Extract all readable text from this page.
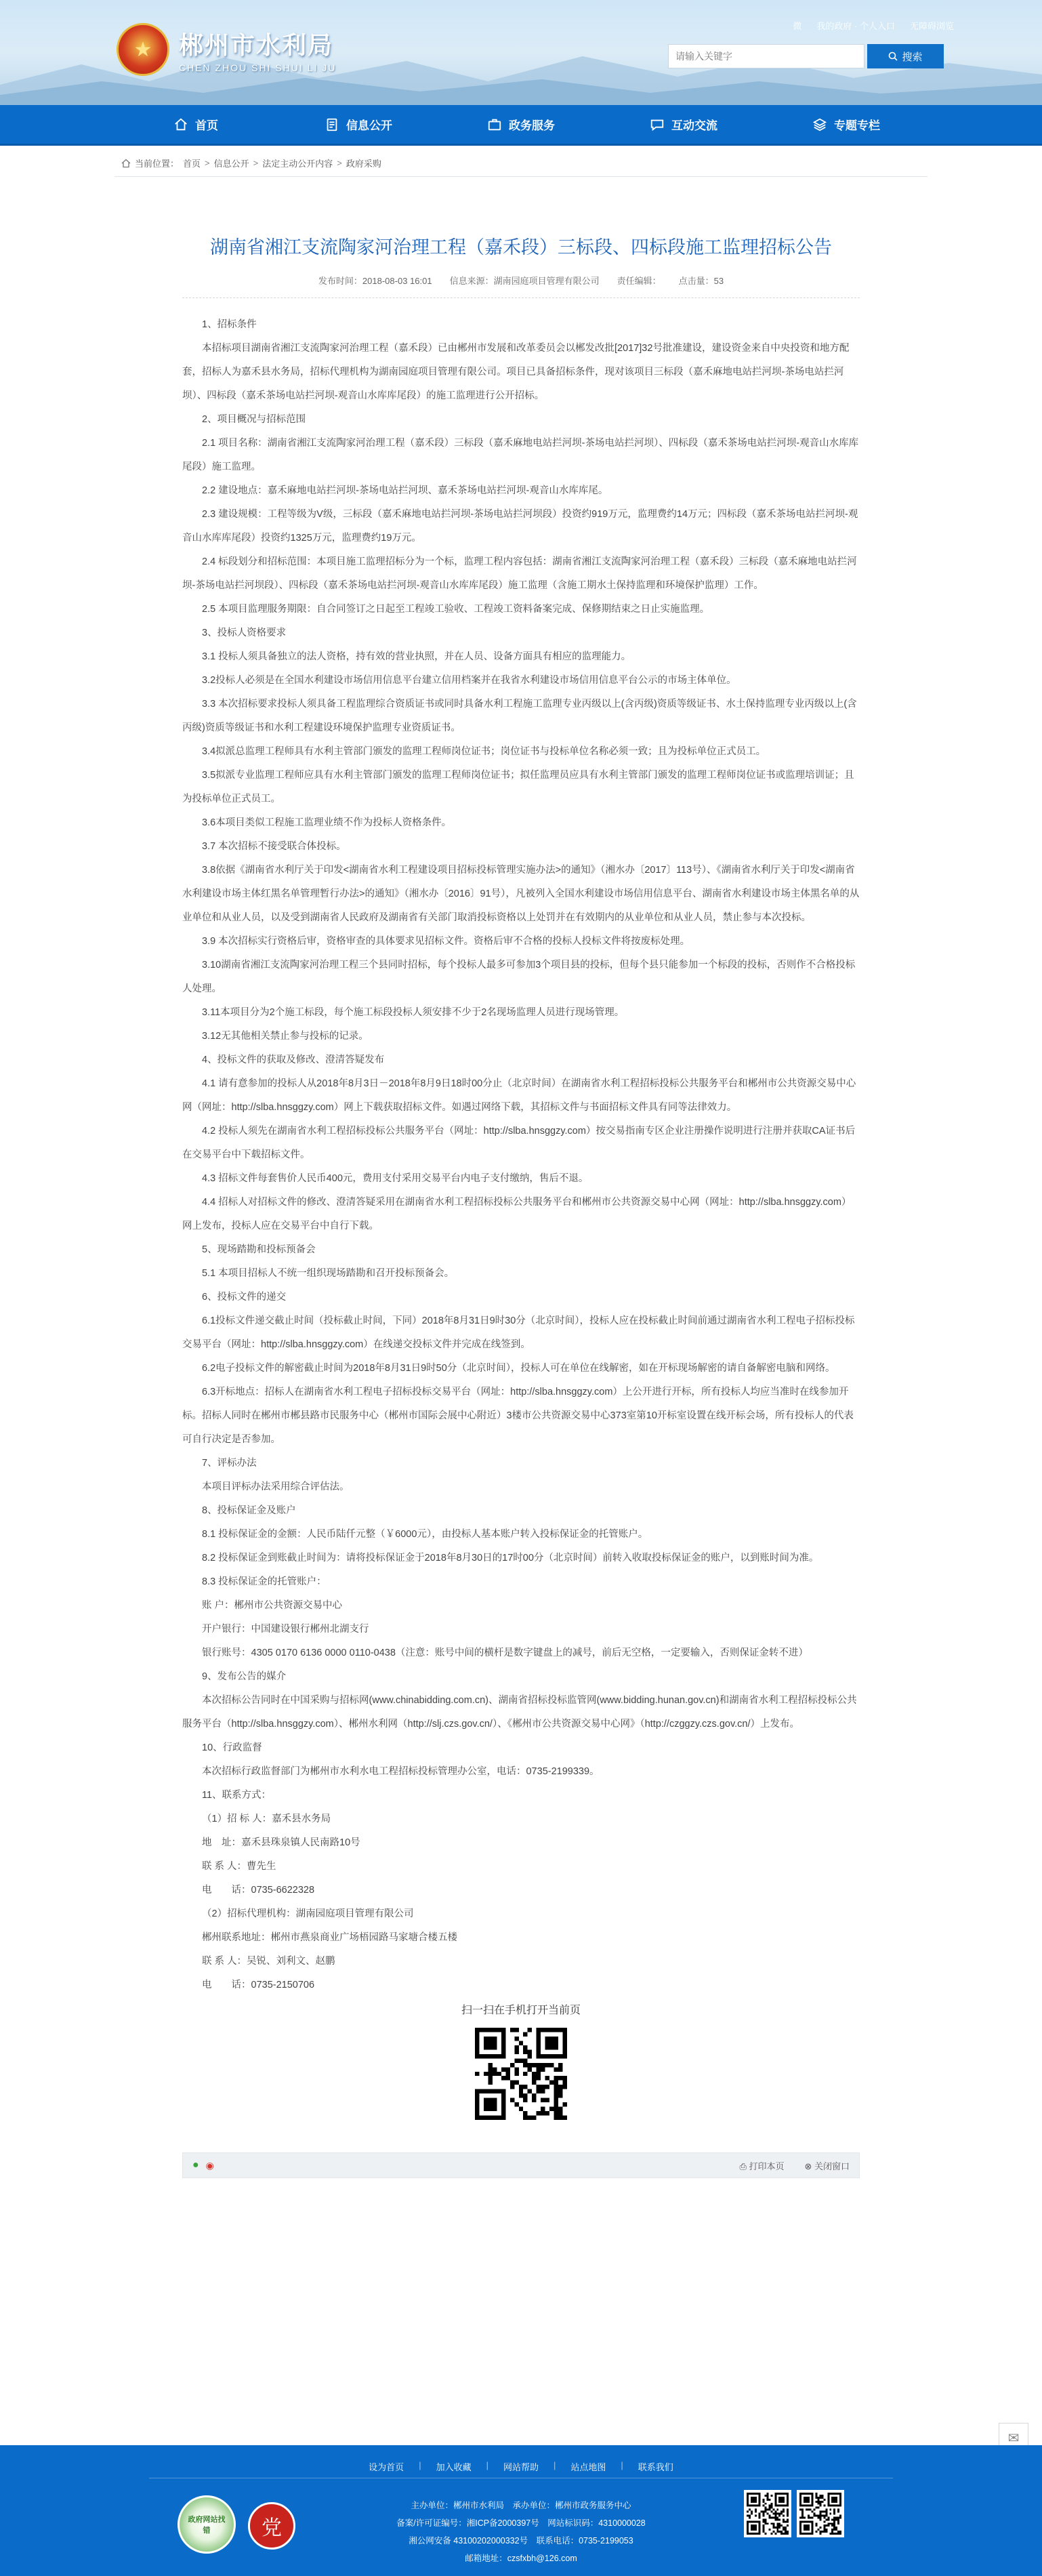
★	郴州市水利局
CHEN ZHOU SHI SHUI LI JU
微 我的政府 · 个人入口 无障碍浏览
请输入关键字
搜索
首页	信息公开	政务服务	互动交流	专题专栏
当前位置： 首页 > 信息公开 > 法定主动公开内容 > 政府采购
湖南省湘江支流陶家河治理工程（嘉禾段）三标段、四标段施工监理招标公告
发布时间：2018-08-03 16:01 信息来源：湖南园庭项目管理有限公司 责任编辑： 点击量：53

1、招标条件

本招标项目湖南省湘江支流陶家河治理工程（嘉禾段）已由郴州市发展和改革委员会以郴发改批[2017]32号批准建设，建设资金来自中央投资和地方配套，招标人为嘉禾县水务局，招标代理机构为湖南园庭项目管理有限公司。项目已具备招标条件，现对该项目三标段（嘉禾麻地电站拦河坝-茶场电站拦河坝）、四标段（嘉禾茶场电站拦河坝-观音山水库库尾段）的施工监理进行公开招标。

2、项目概况与招标范围

2.1 项目名称：湖南省湘江支流陶家河治理工程（嘉禾段）三标段（嘉禾麻地电站拦河坝-茶场电站拦河坝）、四标段（嘉禾茶场电站拦河坝-观音山水库库尾段）施工监理。

2.2 建设地点：嘉禾麻地电站拦河坝-茶场电站拦河坝、嘉禾茶场电站拦河坝-观音山水库库尾。

2.3 建设规模：工程等级为V级，三标段（嘉禾麻地电站拦河坝-茶场电站拦河坝段）投资约919万元，监理费约14万元；四标段（嘉禾茶场电站拦河坝-观音山水库库尾段）投资约1325万元，监理费约19万元。

2.4 标段划分和招标范围：本项目施工监理招标分为一个标，监理工程内容包括：湖南省湘江支流陶家河治理工程（嘉禾段）三标段（嘉禾麻地电站拦河坝-茶场电站拦河坝段）、四标段（嘉禾茶场电站拦河坝-观音山水库库尾段）施工监理（含施工期水土保持监理和环境保护监理）工作。

2.5 本项目监理服务期限：自合同签订之日起至工程竣工验收、工程竣工资料备案完成、保修期结束之日止实施监理。

3、投标人资格要求

3.1 投标人须具备独立的法人资格，持有效的营业执照，并在人员、设备方面具有相应的监理能力。

3.2投标人必须是在全国水利建设市场信用信息平台建立信用档案并在我省水利建设市场信用信息平台公示的市场主体单位。

3.3 本次招标要求投标人须具备工程监理综合资质证书或同时具备水利工程施工监理专业丙级以上(含丙级)资质等级证书、水土保持监理专业丙级以上(含丙级)资质等级证书和水利工程建设环境保护监理专业资质证书。

3.4拟派总监理工程师具有水利主管部门颁发的监理工程师岗位证书；岗位证书与投标单位名称必须一致；且为投标单位正式员工。

3.5拟派专业监理工程师应具有水利主管部门颁发的监理工程师岗位证书；拟任监理员应具有水利主管部门颁发的监理工程师岗位证书或监理培训证；且为投标单位正式员工。

3.6本项目类似工程施工监理业绩不作为投标人资格条件。

3.7 本次招标不接受联合体投标。

3.8依据《湖南省水利厅关于印发<湖南省水利工程建设项目招标投标管理实施办法>的通知》（湘水办〔2017〕113号）、《湖南省水利厅关于印发<湖南省水利建设市场主体红黑名单管理暂行办法>的通知》（湘水办〔2016〕91号），凡被列入全国水利建设市场信用信息平台、湖南省水利建设市场主体黑名单的从业单位和从业人员，以及受到湖南省人民政府及湖南省有关部门取消投标资格以上处罚并在有效期内的从业单位和从业人员，禁止参与本次投标。

3.9 本次招标实行资格后审，资格审查的具体要求见招标文件。资格后审不合格的投标人投标文件将按废标处理。

3.10湖南省湘江支流陶家河治理工程三个县同时招标，每个投标人最多可参加3个项目县的投标，但每个县只能参加一个标段的投标，否则作不合格投标人处理。

3.11本项目分为2个施工标段，每个施工标段投标人须安排不少于2名现场监理人员进行现场管理。

3.12无其他相关禁止参与投标的记录。

4、投标文件的获取及修改、澄清答疑发布

4.1 请有意参加的投标人从2018年8月3日－2018年8月9日18时00分止（北京时间）在湖南省水利工程招标投标公共服务平台和郴州市公共资源交易中心网（网址：http://slba.hnsggzy.com）网上下载获取招标文件。如遇过网络下载，其招标文件与书面招标文件具有同等法律效力。

4.2 投标人须先在湖南省水利工程招标投标公共服务平台（网址：http://slba.hnsggzy.com）按交易指南专区企业注册操作说明进行注册并获取CA证书后在交易平台中下载招标文件。

4.3 招标文件每套售价人民币400元，费用支付采用交易平台内电子支付缴纳，售后不退。

4.4 招标人对招标文件的修改、澄清答疑采用在湖南省水利工程招标投标公共服务平台和郴州市公共资源交易中心网（网址：http://slba.hnsggzy.com）网上发布，投标人应在交易平台中自行下载。

5、现场踏勘和投标预备会

5.1 本项目招标人不统一组织现场踏勘和召开投标预备会。

6、投标文件的递交

6.1投标文件递交截止时间（投标截止时间，下同）2018年8月31日9时30分（北京时间），投标人应在投标截止时间前通过湖南省水利工程电子招标投标交易平台（网址：http://slba.hnsggzy.com）在线递交投标文件并完成在线签到。

6.2电子投标文件的解密截止时间为2018年8月31日9时50分（北京时间），投标人可在单位在线解密，如在开标现场解密的请自备解密电脑和网络。

6.3开标地点：招标人在湖南省水利工程电子招标投标交易平台（网址：http://slba.hnsggzy.com）上公开进行开标，所有投标人均应当准时在线参加开标。招标人同时在郴州市郴县路市民服务中心（郴州市国际会展中心附近）3楼市公共资源交易中心373室第10开标室设置在线开标会场，所有投标人的代表可自行决定是否参加。

7、评标办法

本项目评标办法采用综合评估法。

8、投标保证金及账户

8.1 投标保证金的金额：人民币陆仟元整（￥6000元），由投标人基本账户转入投标保证金的托管账户。

8.2 投标保证金到账截止时间为：请将投标保证金于2018年8月30日的17时00分（北京时间）前转入收取投标保证金的账户，以到账时间为准。

8.3 投标保证金的托管账户：

账 户：郴州市公共资源交易中心

开户银行：中国建设银行郴州北湖支行

银行账号：4305 0170 6136 0000 0110-0438（注意：账号中间的横杆是数字键盘上的减号，前后无空格，一定要输入，否则保证金转不进）

9、发布公告的媒介

本次招标公告同时在中国采购与招标网(www.chinabidding.com.cn)、湖南省招标投标监管网(www.bidding.hunan.gov.cn)和湖南省水利工程招标投标公共服务平台（http://slba.hnsggzy.com）、郴州水利网（http://slj.czs.gov.cn/）、《郴州市公共资源交易中心网》（http://czggzy.czs.gov.cn/）上发布。

10、行政监督

本次招标行政监督部门为郴州市水利水电工程招标投标管理办公室，电话：0735-2199339。

11、联系方式：

（1）招 标 人：嘉禾县水务局

地　址：嘉禾县珠泉镇人民南路10号

联 系 人：曹先生

电　　话：0735-6622328

（2）招标代理机构：湖南园庭项目管理有限公司

郴州联系地址：郴州市燕泉商业广场梧园路马家塘合楼五楼

联 系 人：吴锐、刘利文、赵鹏

电　　话：0735-2150706

扫一扫在手机打开当前页
● ◉	⎙ 打印本页 ⊗ 关闭窗口
✉
设为首页 | 加入收藏 | 网站帮助 | 站点地图 | 联系我们
政府网站找错	党
主办单位：郴州市水利局　承办单位：郴州市政务服务中心
备案/许可证编号：湘ICP备2000397号　网站标识码：4310000028
湘公网安备 43100202000332号　联系电话：0735-2199053
邮箱地址：czsfxbh@126.com
